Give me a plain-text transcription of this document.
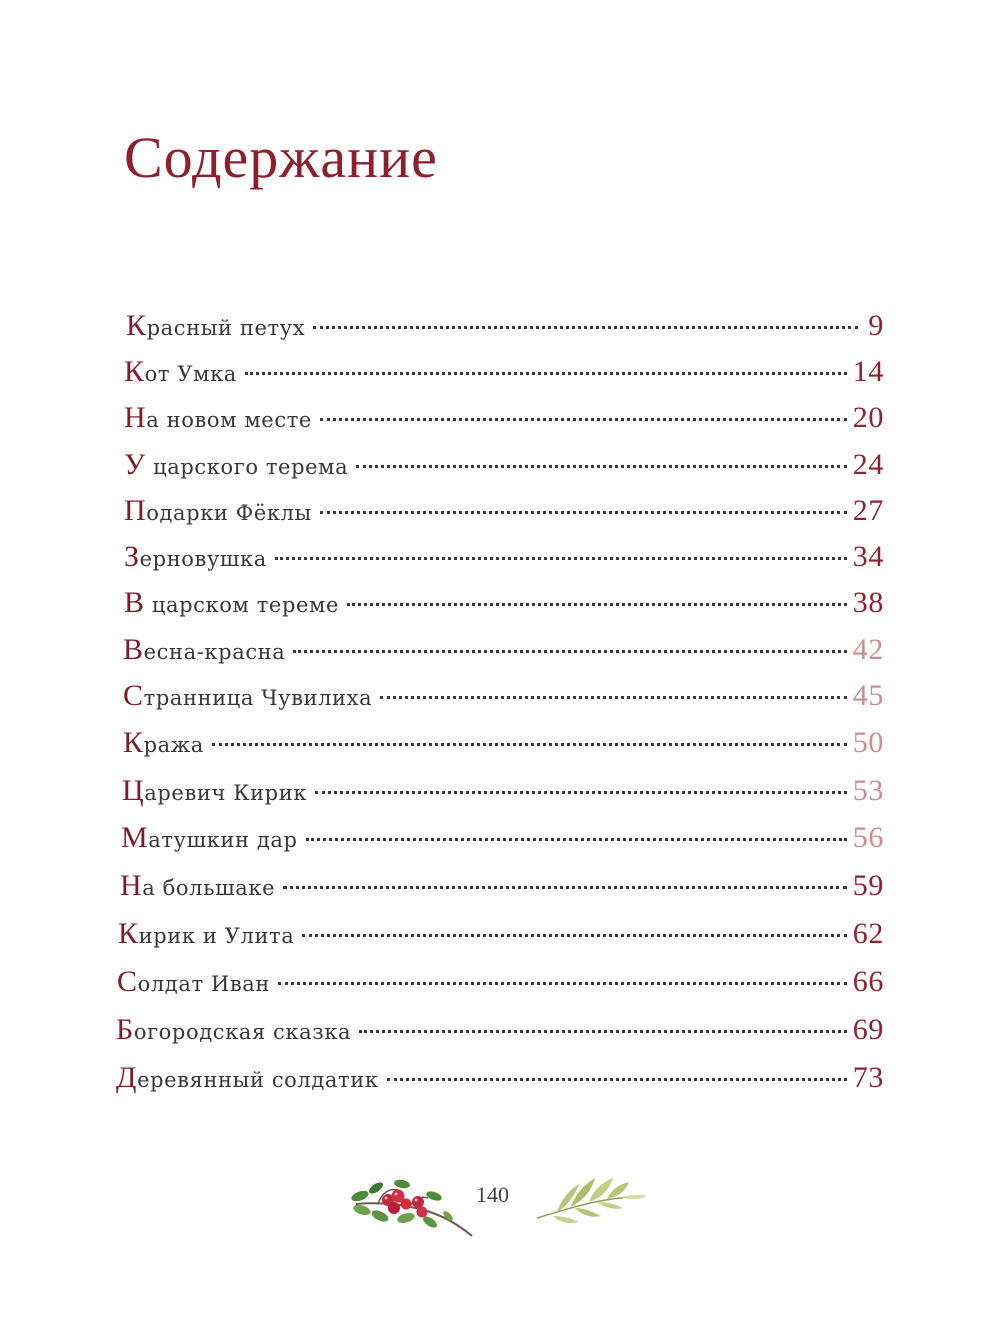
Содержание
Красный петух	9
Кот Умка	14
На новом месте	20
У царского терема	24
Подарки Фёклы	27
Зерновушка	34
В царском тереме	38
Весна-красна	42
Странница Чувилиха	45
Кража	50
Царевич Кирик	53
Матушкин дар	56
На большаке	59
Кирик и Улита	62
Солдат Иван	66
Богородская сказка	69
Деревянный солдатик	73
140
